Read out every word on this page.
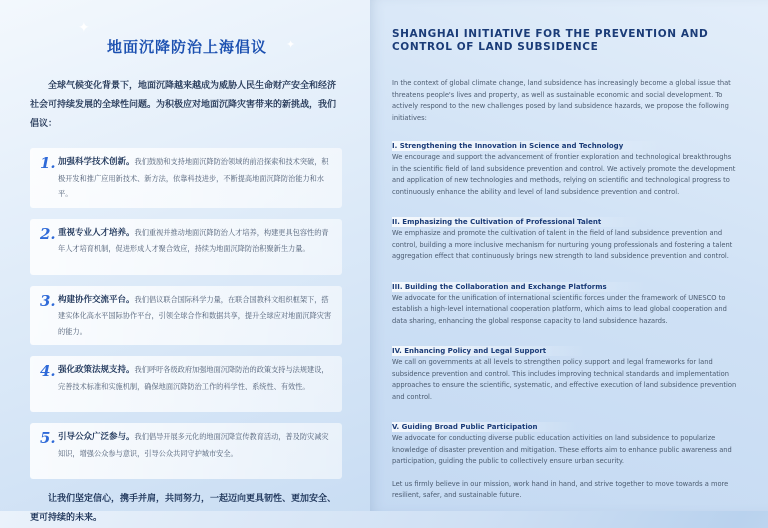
✦
✦
地面沉降防治上海倡议

全球气候变化背景下，地面沉降越来越成为威胁人民生命财产安全和经济社会可持续发展的全球性问题。为积极应对地面沉降灾害带来的新挑战，我们倡议：

1. 加强科学技术创新。我们鼓励和支持地面沉降防治领域的前沿探索和技术突破，积极开发和推广应用新技术、新方法，依靠科技进步，不断提高地面沉降防治能力和水平。
2. 重视专业人才培养。我们重视并推动地面沉降防治人才培养，构建更具包容性的青年人才培育机制，促进形成人才聚合效应，持续为地面沉降防治积聚新生力量。
3. 构建协作交流平台。我们倡议联合国际科学力量，在联合国教科文组织框架下，搭建实体化高水平国际协作平台，引领全球合作和数据共享，提升全球应对地面沉降灾害的能力。
4. 强化政策法规支持。我们呼吁各级政府加强地面沉降防治的政策支持与法规建设，完善技术标准和实施机制，确保地面沉降防治工作的科学性、系统性、有效性。
5. 引导公众广泛参与。我们倡导开展多元化的地面沉降宣传教育活动，普及防灾减灾知识，增强公众参与意识，引导公众共同守护城市安全。

让我们坚定信心，携手并肩，共同努力，一起迈向更具韧性、更加安全、更可持续的未来。

SHANGHAI INITIATIVE FOR THE PREVENTION AND
CONTROL OF LAND SUBSIDENCE

In the context of global climate change, land subsidence has increasingly become a global issue that threatens people's lives and property, as well as sustainable economic and social development. To actively respond to the new challenges posed by land subsidence hazards, we propose the following initiatives:

I. Strengthening the Innovation in Science and Technology

We encourage and support the advancement of frontier exploration and technological breakthroughs in the scientific field of land subsidence prevention and control. We actively promote the development and application of new technologies and methods, relying on scientific and technological progress to continuously enhance the ability and level of land subsidence prevention and control.

II. Emphasizing the Cultivation of Professional Talent

We emphasize and promote the cultivation of talent in the field of land subsidence prevention and control, building a more inclusive mechanism for nurturing young professionals and fostering a talent aggregation effect that continuously brings new strength to land subsidence prevention and control.

III. Building the Collaboration and Exchange Platforms

We advocate for the unification of international scientific forces under the framework of UNESCO to establish a high-level international cooperation platform, which aims to lead global cooperation and data sharing, enhancing the global response capacity to land subsidence hazards.

IV. Enhancing Policy and Legal Support

We call on governments at all levels to strengthen policy support and legal frameworks for land subsidence prevention and control. This includes improving technical standards and implementation approaches to ensure the scientific, systematic, and effective execution of land subsidence prevention and control.

V. Guiding Broad Public Participation

We advocate for conducting diverse public education activities on land subsidence to popularize knowledge of disaster prevention and mitigation. These efforts aim to enhance public awareness and participation, guiding the public to collectively ensure urban security.

Let us firmly believe in our mission, work hand in hand, and strive together to move towards a more resilient, safer, and sustainable future.
